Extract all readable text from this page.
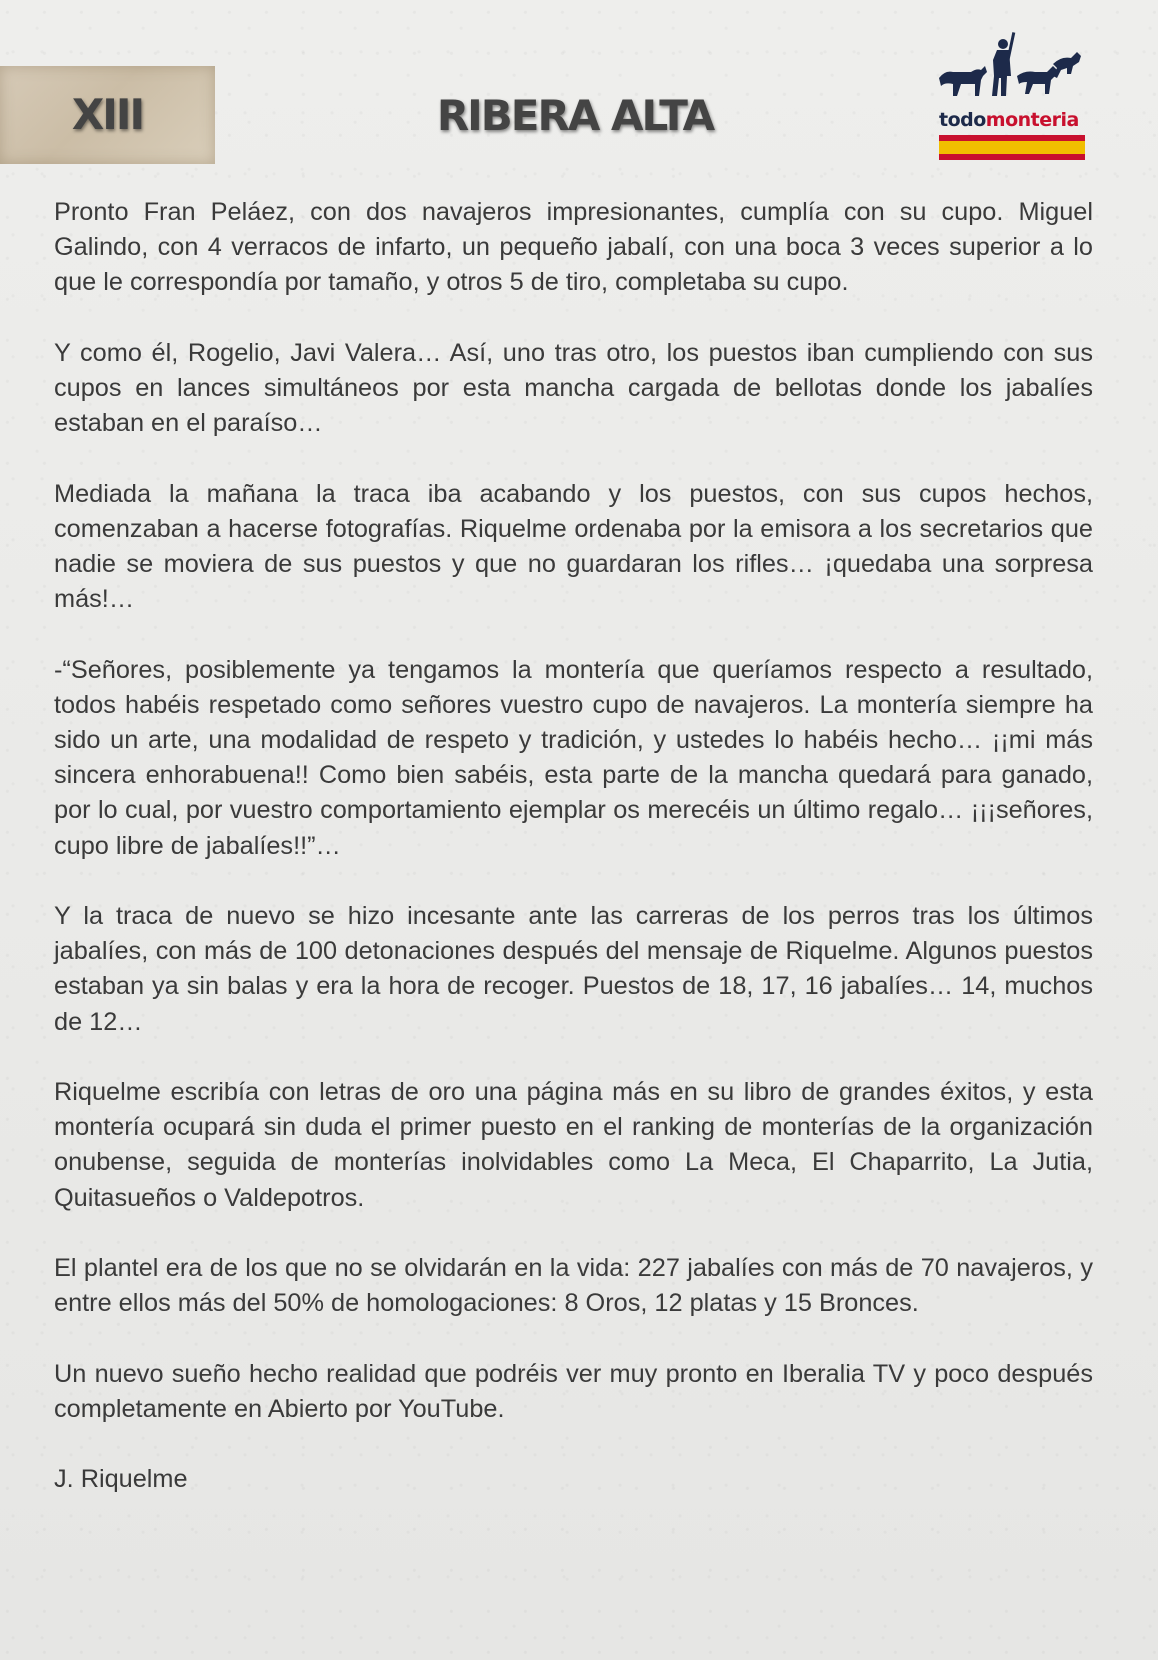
XIII	RIBERA ALTA	todomonteria

Pronto Fran Peláez, con dos navajeros impresionantes, cumplía con su cupo. Miguel Galindo, con 4 verracos de infarto, un pequeño jabalí, con una boca 3 veces superior a lo que le correspondía por tamaño, y otros 5 de tiro, completaba su cupo.

Y como él, Rogelio, Javi Valera… Así, uno tras otro, los puestos iban cumpliendo con sus cupos en lances simultáneos por esta mancha cargada de bellotas donde los jabalíes estaban en el paraíso…

Mediada la mañana la traca iba acabando y los puestos, con sus cupos hechos, comenzaban a hacerse fotografías. Riquelme ordenaba por la emisora a los secretarios que nadie se moviera de sus puestos y que no guardaran los rifles… ¡quedaba una sorpresa más!…

-“Señores, posiblemente ya tengamos la montería que queríamos respecto a resultado, todos habéis respetado como señores vuestro cupo de navajeros. La montería siempre ha sido un arte, una modalidad de respeto y tradición, y ustedes lo habéis hecho… ¡¡mi más sincera enhorabuena!! Como bien sabéis, esta parte de la mancha quedará para ganado, por lo cual, por vuestro comportamiento ejemplar os merecéis un último regalo… ¡¡¡señores, cupo libre de jabalíes!!”…

Y la traca de nuevo se hizo incesante ante las carreras de los perros tras los últimos jabalíes, con más de 100 detonaciones después del mensaje de Riquelme. Algunos puestos estaban ya sin balas y era la hora de recoger. Puestos de 18, 17, 16 jabalíes… 14, muchos de 12…

Riquelme escribía con letras de oro una página más en su libro de grandes éxitos, y esta montería ocupará sin duda el primer puesto en el ranking de monterías de la organización onubense, seguida de monterías inolvidables como La Meca, El Chaparrito, La Jutia, Quitasueños o Valdepotros.

El plantel era de los que no se olvidarán en la vida: 227 jabalíes con más de 70 navajeros, y entre ellos más del 50% de homologaciones: 8 Oros, 12 platas y 15 Bronces.

Un nuevo sueño hecho realidad que podréis ver muy pronto en Iberalia TV y poco después completamente en Abierto por YouTube.

J. Riquelme
